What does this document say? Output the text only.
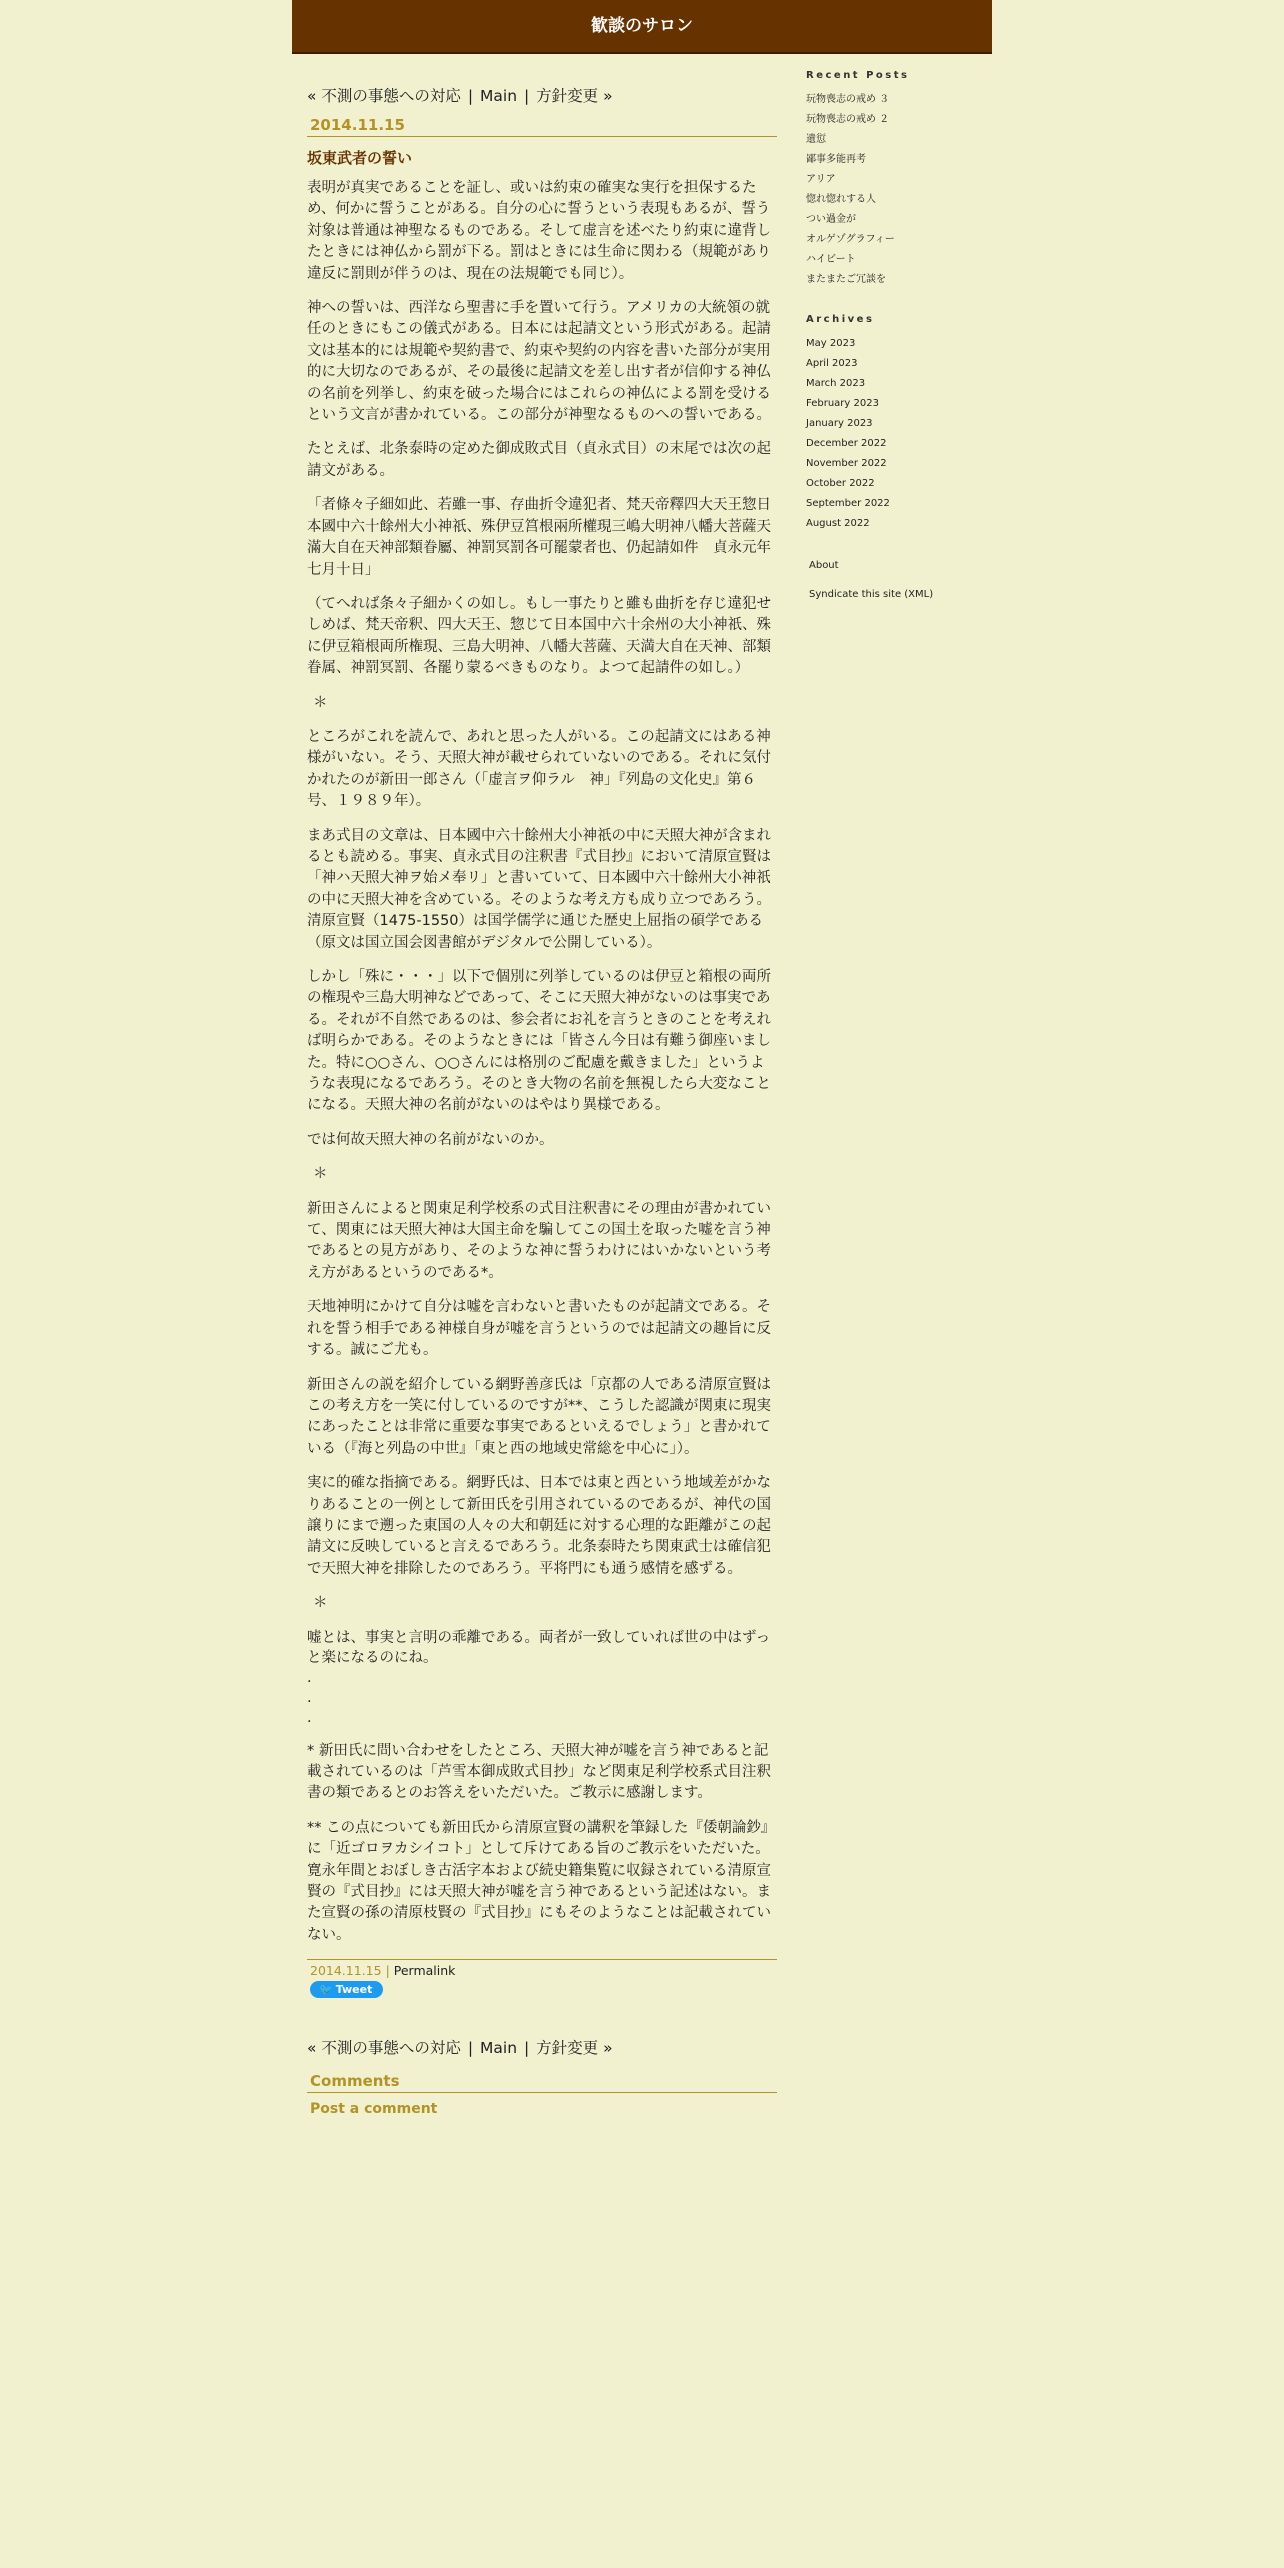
歓談のサロン
« 不測の事態への対応 | Main | 方針変更 »
2014.11.15
坂東武者の誓い

表明が真実であることを証し、或いは約束の確実な実行を担保するため、何かに誓うことがある。自分の心に誓うという表現もあるが、誓う対象は普通は神聖なるものである。そして虚言を述べたり約束に違背したときには神仏から罰が下る。罰はときには生命に関わる（規範があり違反に罰則が伴うのは、現在の法規範でも同じ）。

神への誓いは、西洋なら聖書に手を置いて行う。アメリカの大統領の就任のときにもこの儀式がある。日本には起請文という形式がある。起請文は基本的には規範や契約書で、約束や契約の内容を書いた部分が実用的に大切なのであるが、その最後に起請文を差し出す者が信仰する神仏の名前を列挙し、約束を破った場合にはこれらの神仏による罰を受けるという文言が書かれている。この部分が神聖なるものへの誓いである。

たとえば、北条泰時の定めた御成敗式目（貞永式目）の末尾では次の起請文がある。

「者條々子細如此、若雖一事、存曲折令違犯者、梵天帝釋四大天王惣日本國中六十餘州大小神祇、殊伊豆筥根兩所權現三嶋大明神八幡大菩薩天滿大自在天神部類眷屬、神罰冥罰各可罷蒙者也、仍起請如件　貞永元年七月十日」

（てへれば条々子細かくの如し。もし一事たりと雖も曲折を存じ違犯せしめば、梵天帝釈、四大天王、惣じて日本国中六十余州の大小神祇、殊に伊豆箱根両所権現、三島大明神、八幡大菩薩、天満大自在天神、部類眷属、神罰冥罰、各罷り蒙るべきものなり。よつて起請件の如し。）

＊

ところがこれを読んで、あれと思った人がいる。この起請文にはある神様がいない。そう、天照大神が載せられていないのである。それに気付かれたのが新田一郎さん（「虚言ヲ仰ラル　神」『列島の文化史』第６号、１９８９年）。

まあ式目の文章は、日本國中六十餘州大小神祇の中に天照大神が含まれるとも読める。事実、貞永式目の注釈書『式目抄』において清原宣賢は「神ハ天照大神ヲ始メ奉リ」と書いていて、日本國中六十餘州大小神祇の中に天照大神を含めている。そのような考え方も成り立つであろう。清原宣賢（1475-1550）は国学儒学に通じた歴史上屈指の碩学である（原文は国立国会図書館がデジタルで公開している）。

しかし「殊に・・・」以下で個別に列挙しているのは伊豆と箱根の両所の権現や三島大明神などであって、そこに天照大神がないのは事実である。それが不自然であるのは、参会者にお礼を言うときのことを考えれば明らかである。そのようなときには「皆さん今日は有難う御座いました。特に○○さん、○○さんには格別のご配慮を戴きました」というような表現になるであろう。そのとき大物の名前を無視したら大変なことになる。天照大神の名前がないのはやはり異様である。

では何故天照大神の名前がないのか。

＊

新田さんによると関東足利学校系の式目注釈書にその理由が書かれていて、関東には天照大神は大国主命を騙してこの国土を取った嘘を言う神であるとの見方があり、そのような神に誓うわけにはいかないという考え方があるというのである*。

天地神明にかけて自分は嘘を言わないと書いたものが起請文である。それを誓う相手である神様自身が嘘を言うというのでは起請文の趣旨に反する。誠にご尤も。

新田さんの説を紹介している網野善彦氏は「京都の人である清原宣賢はこの考え方を一笑に付しているのですが**、こうした認識が関東に現実にあったことは非常に重要な事実であるといえるでしょう」と書かれている（『海と列島の中世』「東と西の地域史常総を中心に」）。

実に的確な指摘である。網野氏は、日本では東と西という地域差がかなりあることの一例として新田氏を引用されているのであるが、神代の国譲りにまで遡った東国の人々の大和朝廷に対する心理的な距離がこの起請文に反映していると言えるであろう。北条泰時たち関東武士は確信犯で天照大神を排除したのであろう。平将門にも通う感情を感ずる。

＊

嘘とは、事実と言明の乖離である。両者が一致していれば世の中はずっと楽になるのにね。

.

.

.

* 新田氏に問い合わせをしたところ、天照大神が嘘を言う神であると記載されているのは「芦雪本御成敗式目抄」など関東足利学校系式目注釈書の類であるとのお答えをいただいた。ご教示に感謝します。

** この点についても新田氏から清原宣賢の講釈を筆録した『倭朝論鈔』に「近ゴロヲカシイコト」として斥けてある旨のご教示をいただいた。寛永年間とおぼしき古活字本および続史籍集覧に収録されている清原宣賢の『式目抄』には天照大神が嘘を言う神であるという記述はない。また宣賢の孫の清原枝賢の『式目抄』にもそのようなことは記載されていない。

2014.11.15 | Permalink
🐦 Tweet
« 不測の事態への対応 | Main | 方針変更 »
Comments
Post a comment
Recent Posts
玩物喪志の戒め ３
玩物喪志の戒め ２
遺愆
鄙事多能再考
アリア
惚れ惚れする人
つい過金が
オルゲゾグラフィー
ハイビート
またまたご冗談を
Archives
May 2023
April 2023
March 2023
February 2023
January 2023
December 2022
November 2022
October 2022
September 2022
August 2022
About
Syndicate this site (XML)
